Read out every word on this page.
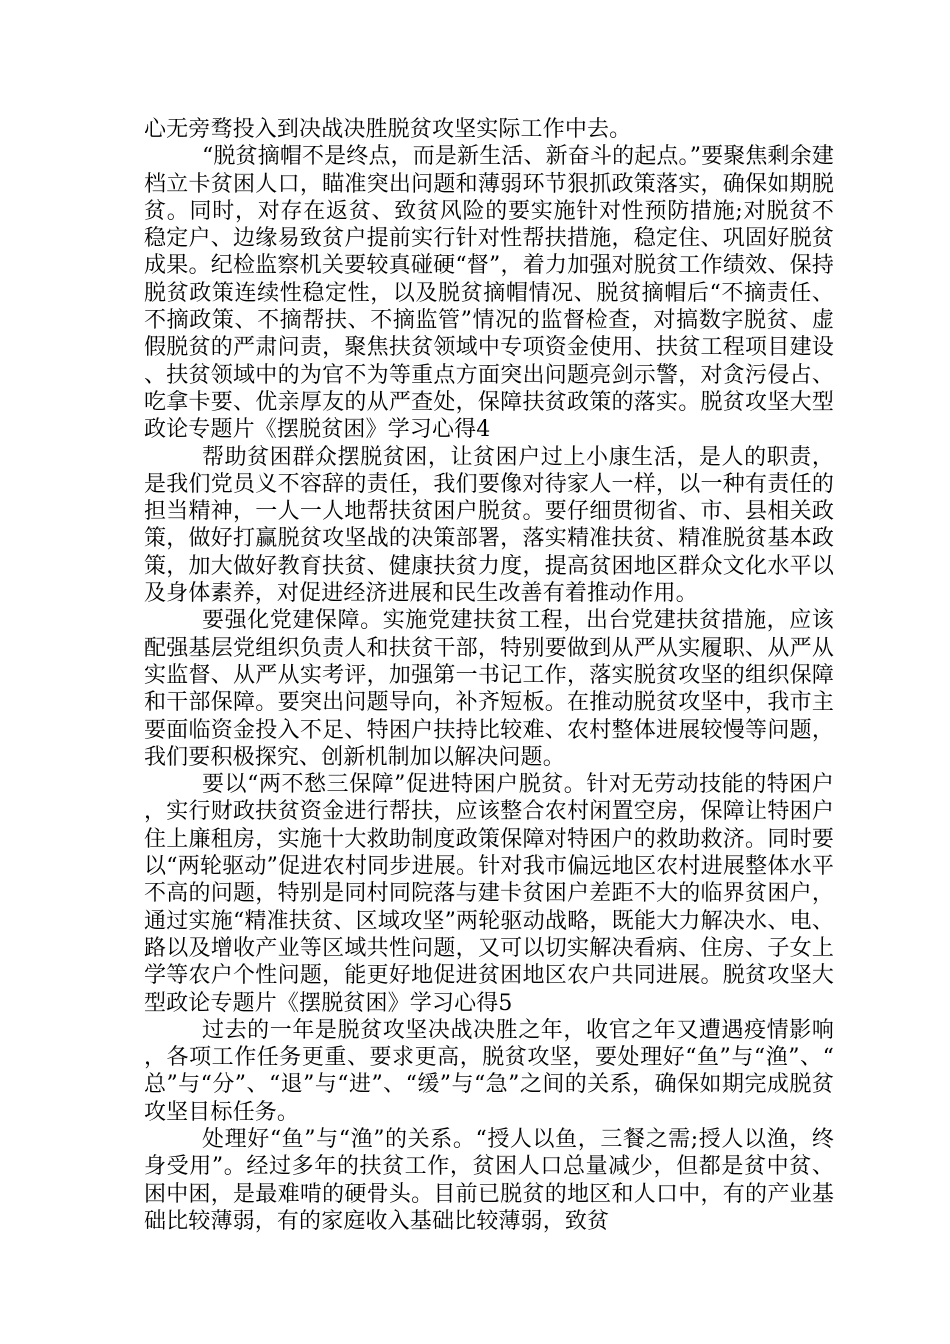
心无旁骛投入到决战决胜脱贫攻坚实际工作中去。

“脱贫摘帽不是终点，而是新生活、新奋斗的起点。”要聚焦剩余建档立卡贫困人口，瞄准突出问题和薄弱环节狠抓政策落实，确保如期脱贫。同时，对存在返贫、致贫风险的要实施针对性预防措施;对脱贫不稳定户、边缘易致贫户提前实行针对性帮扶措施，稳定住、巩固好脱贫成果。纪检监察机关要较真碰硬“督”，着力加强对脱贫工作绩效、保持脱贫政策连续性稳定性，以及脱贫摘帽情况、脱贫摘帽后“不摘责任、不摘政策、不摘帮扶、不摘监管”情况的监督检查，对搞数字脱贫、虚假脱贫的严肃问责，聚焦扶贫领域中专项资金使用、扶贫工程项目建设、扶贫领域中的为官不为等重点方面突出问题亮剑示警，对贪污侵占、吃拿卡要、优亲厚友的从严查处，保障扶贫政策的落实。脱贫攻坚大型政论专题片《摆脱贫困》学习心得4

帮助贫困群众摆脱贫困，让贫困户过上小康生活，是人的职责，是我们党员义不容辞的责任，我们要像对待家人一样，以一种有责任的担当精神，一人一人地帮扶贫困户脱贫。要仔细贯彻省、市、县相关政策，做好打赢脱贫攻坚战的决策部署，落实精准扶贫、精准脱贫基本政策，加大做好教育扶贫、健康扶贫力度，提高贫困地区群众文化水平以及身体素养，对促进经济进展和民生改善有着推动作用。

要强化党建保障。实施党建扶贫工程，出台党建扶贫措施，应该配强基层党组织负责人和扶贫干部，特别要做到从严从实履职、从严从实监督、从严从实考评，加强第一书记工作，落实脱贫攻坚的组织保障和干部保障。要突出问题导向，补齐短板。在推动脱贫攻坚中，我市主要面临资金投入不足、特困户扶持比较难、农村整体进展较慢等问题，我们要积极探究、创新机制加以解决问题。

要以“两不愁三保障”促进特困户脱贫。针对无劳动技能的特困户，实行财政扶贫资金进行帮扶，应该整合农村闲置空房，保障让特困户住上廉租房，实施十大救助制度政策保障对特困户的救助救济。同时要以“两轮驱动”促进农村同步进展。针对我市偏远地区农村进展整体水平不高的问题，特别是同村同院落与建卡贫困户差距不大的临界贫困户，通过实施“精准扶贫、区域攻坚”两轮驱动战略，既能大力解决水、电、路以及增收产业等区域共性问题，又可以切实解决看病、住房、子女上学等农户个性问题，能更好地促进贫困地区农户共同进展。脱贫攻坚大型政论专题片《摆脱贫困》学习心得5

过去的一年是脱贫攻坚决战决胜之年，收官之年又遭遇疫情影响，各项工作任务更重、要求更高，脱贫攻坚，要处理好“鱼”与“渔”、“总”与“分”、“退”与“进”、“缓”与“急”之间的关系，确保如期完成脱贫攻坚目标任务。

处理好“鱼”与“渔”的关系。“授人以鱼，三餐之需;授人以渔，终身受用”。经过多年的扶贫工作，贫困人口总量减少，但都是贫中贫、困中困，是最难啃的硬骨头。目前已脱贫的地区和人口中，有的产业基础比较薄弱，有的家庭收入基础比较薄弱，致贫
